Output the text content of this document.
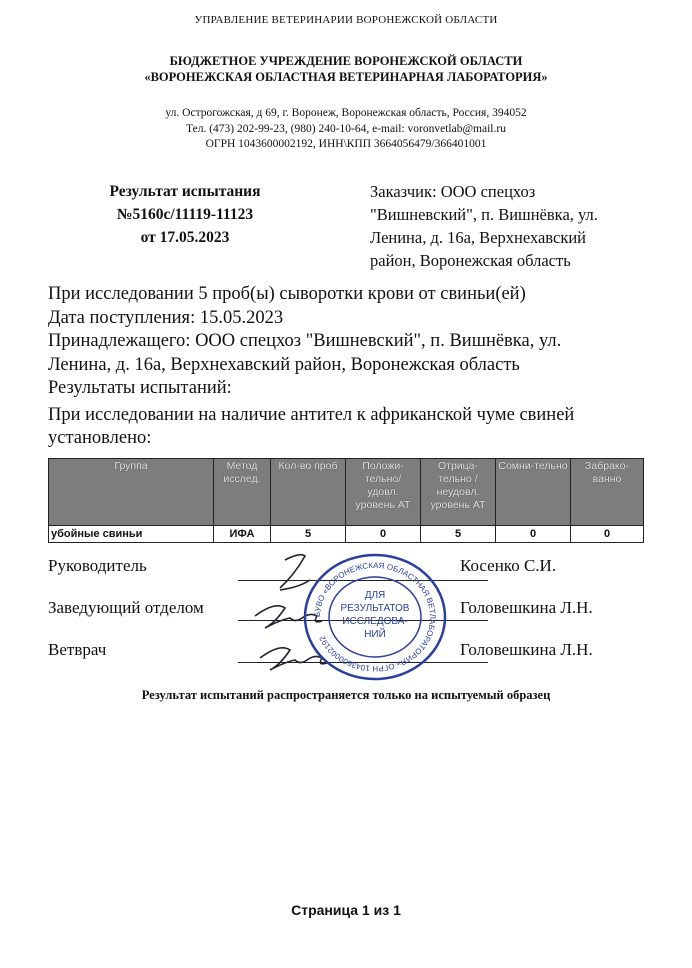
УПРАВЛЕНИЕ ВЕТЕРИНАРИИ ВОРОНЕЖСКОЙ ОБЛАСТИ
БЮДЖЕТНОЕ УЧРЕЖДЕНИЕ ВОРОНЕЖСКОЙ ОБЛАСТИ
«ВОРОНЕЖСКАЯ ОБЛАСТНАЯ ВЕТЕРИНАРНАЯ ЛАБОРАТОРИЯ»
ул. Острогожская, д 69, г. Воронеж, Воронежская область, Россия, 394052
Тел. (473) 202-99-23, (980) 240-10-64, e-mail: voronvetlab@mail.ru
ОГРН 1043600002192, ИНН\КПП 3664056479/366401001
Результат испытания
№5160с/11119-11123
от 17.05.2023
Заказчик: ООО спецхоз
"Вишневский", п. Вишнёвка, ул.
Ленина, д. 16а, Верхнехавский
район, Воронежская область
При исследовании 5 проб(ы) сыворотки крови от свиньи(ей)
Дата поступления: 15.05.2023
Принадлежащего: ООО спецхоз "Вишневский", п. Вишнёвка, ул.
Ленина, д. 16а, Верхнехавский район, Воронежская область
Результаты испытаний:
При исследовании на наличие антител к африканской чуме свиней
установлено:
Группа	Метод исслед.	Кол-во проб	Положи-тельно/ удовл. уровень АТ	Отрица-тельно / неудовл. уровень АТ	Сомни-тельно	Забрако-ванно
убойные свиньи	ИФА	5	0	5	0	0
Руководитель	Косенко С.И.
Заведующий отделом	Головешкина Л.Н.
Ветврач	Головешкина Л.Н.
БУВО «ВОРОНЕЖСКАЯ ОБЛАСТНАЯ ВЕТЛАБОРАТОРИЯ» ОГРН 1043600002192
ДЛЯ
РЕЗУЛЬТАТОВ
ИССЛЕДОВА-
НИЙ
Результат испытаний распространяется только на испытуемый образец
Страница 1 из 1
